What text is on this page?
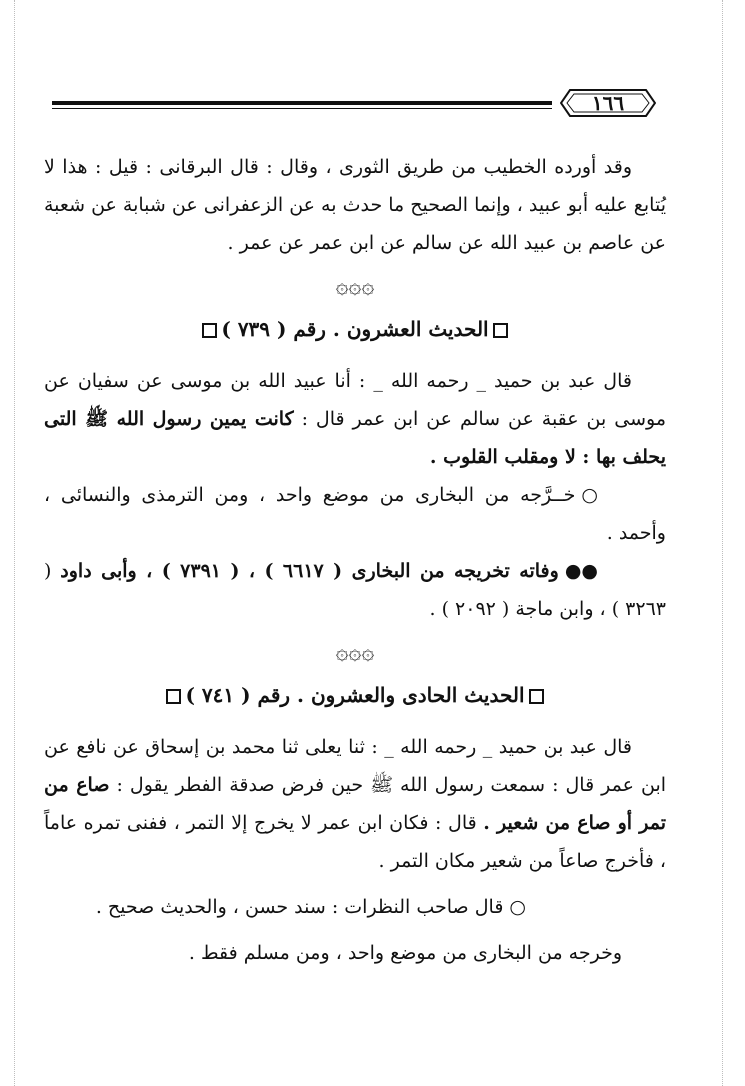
١٦٦

وقد أورده الخطيب من طريق الثورى ، وقال : قال البرقانى : قيل : هذا لا يُتابع عليه أبو عبيد ، وإنما الصحيح ما حدث به عن الزعفرانى عن شبابة عن شعبة عن عاصم بن عبيد الله عن سالم عن ابن عمر عن عمر .

۞۞۞
الحديث العشرون . رقم ( ٧٣٩ )

قال عبد بن حميد _ رحمه الله _ : أنا عبيد الله بن موسى عن سفيان عن موسى بن عقبة عن سالم عن ابن عمر قال : كانت يمين رسول الله ﷺ التى يحلف بها : لا ومقلب القلوب .

○خــرَّجه من البخارى من موضع واحد ، ومن الترمذى والنسائى ، وأحمد .

●●وفاته تخريجه من البخارى ( ٦٦١٧ ) ، ( ٧٣٩١ ) ، وأبى داود ( ٣٢٦٣ ) ، وابن ماجة ( ٢٠٩٢ ) .

۞۞۞
الحديث الحادى والعشرون . رقم ( ٧٤١ )

قال عبد بن حميد _ رحمه الله _ : ثنا يعلى ثنا محمد بن إسحاق عن نافع عن ابن عمر قال : سمعت رسول الله ﷺ حين فرض صدقة الفطر يقول : صاع من تمر أو صاع من شعير . قال : فكان ابن عمر لا يخرج إلا التمر ، ففنى تمره عاماً ، فأخرج صاعاً من شعير مكان التمر .

○قال صاحب النظرات : سند حسن ، والحديث صحيح .

وخرجه من البخارى من موضع واحد ، ومن مسلم فقط .
